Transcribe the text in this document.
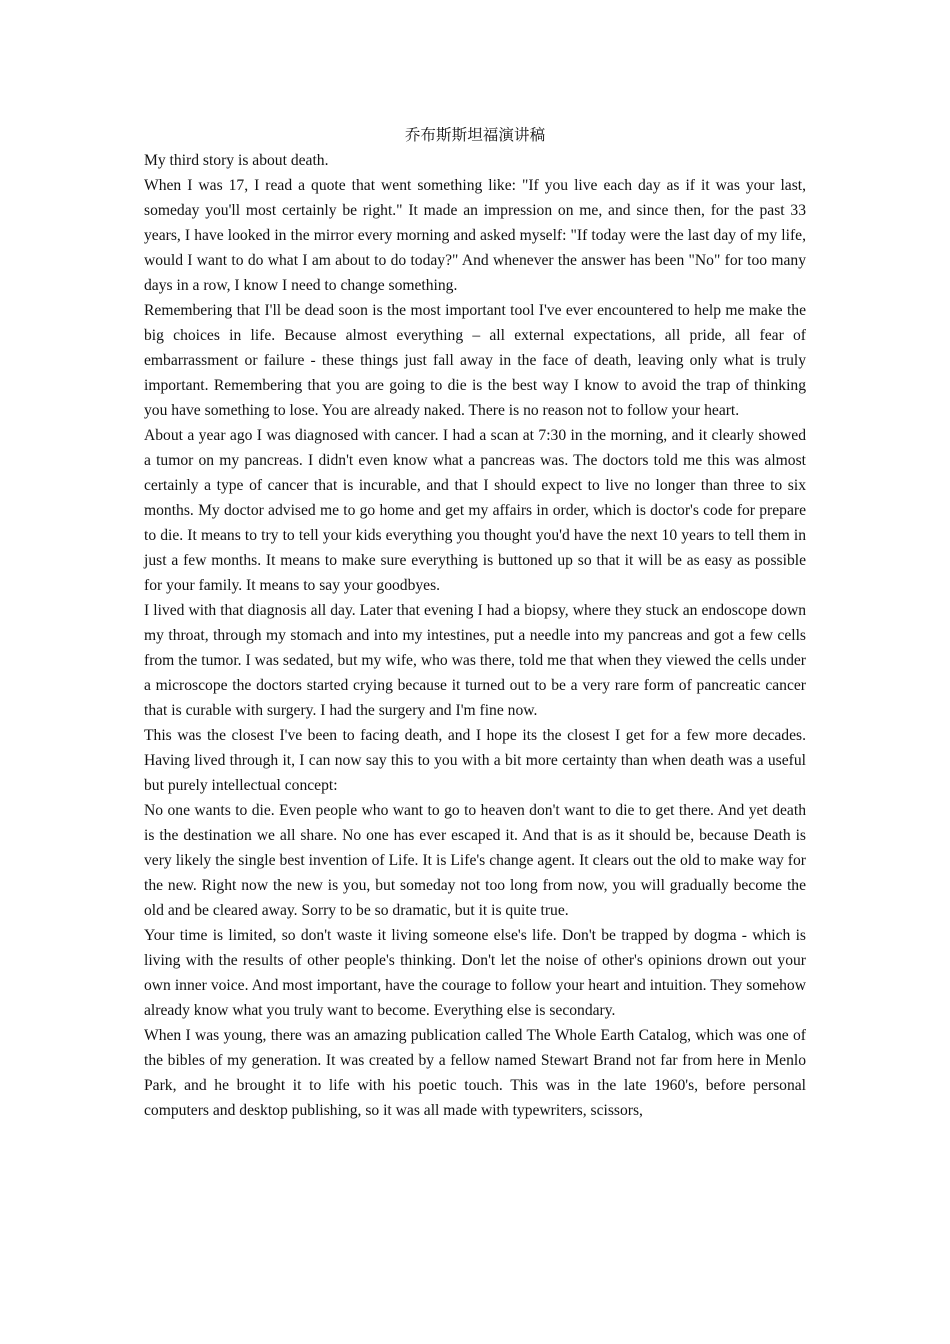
乔布斯斯坦福演讲稿

My third story is about death.

When I was 17, I read a quote that went something like: "If you live each day as if it was your last, someday you'll most certainly be right." It made an impression on me, and since then, for the past 33 years, I have looked in the mirror every morning and asked myself: "If today were the last day of my life, would I want to do what I am about to do today?" And whenever the answer has been "No" for too many days in a row, I know I need to change something.

Remembering that I'll be dead soon is the most important tool I've ever encountered to help me make the big choices in life. Because almost everything – all external expectations, all pride, all fear of embarrassment or failure - these things just fall away in the face of death, leaving only what is truly important. Remembering that you are going to die is the best way I know to avoid the trap of thinking you have something to lose. You are already naked. There is no reason not to follow your heart.

About a year ago I was diagnosed with cancer. I had a scan at 7:30 in the morning, and it clearly showed a tumor on my pancreas. I didn't even know what a pancreas was. The doctors told me this was almost certainly a type of cancer that is incurable, and that I should expect to live no longer than three to six months. My doctor advised me to go home and get my affairs in order, which is doctor's code for prepare to die. It means to try to tell your kids everything you thought you'd have the next 10 years to tell them in just a few months. It means to make sure everything is buttoned up so that it will be as easy as possible for your family. It means to say your goodbyes.

I lived with that diagnosis all day. Later that evening I had a biopsy, where they stuck an endoscope down my throat, through my stomach and into my intestines, put a needle into my pancreas and got a few cells from the tumor. I was sedated, but my wife, who was there, told me that when they viewed the cells under a microscope the doctors started crying because it turned out to be a very rare form of pancreatic cancer that is curable with surgery. I had the surgery and I'm fine now.

This was the closest I've been to facing death, and I hope its the closest I get for a few more decades. Having lived through it, I can now say this to you with a bit more certainty than when death was a useful but purely intellectual concept:

No one wants to die. Even people who want to go to heaven don't want to die to get there. And yet death is the destination we all share. No one has ever escaped it. And that is as it should be, because Death is very likely the single best invention of Life. It is Life's change agent. It clears out the old to make way for the new. Right now the new is you, but someday not too long from now, you will gradually become the old and be cleared away. Sorry to be so dramatic, but it is quite true.

Your time is limited, so don't waste it living someone else's life. Don't be trapped by dogma - which is living with the results of other people's thinking. Don't let the noise of other's opinions drown out your own inner voice. And most important, have the courage to follow your heart and intuition. They somehow already know what you truly want to become. Everything else is secondary.

When I was young, there was an amazing publication called The Whole Earth Catalog, which was one of the bibles of my generation. It was created by a fellow named Stewart Brand not far from here in Menlo Park, and he brought it to life with his poetic touch. This was in the late 1960's, before personal computers and desktop publishing, so it was all made with typewriters, scissors,
